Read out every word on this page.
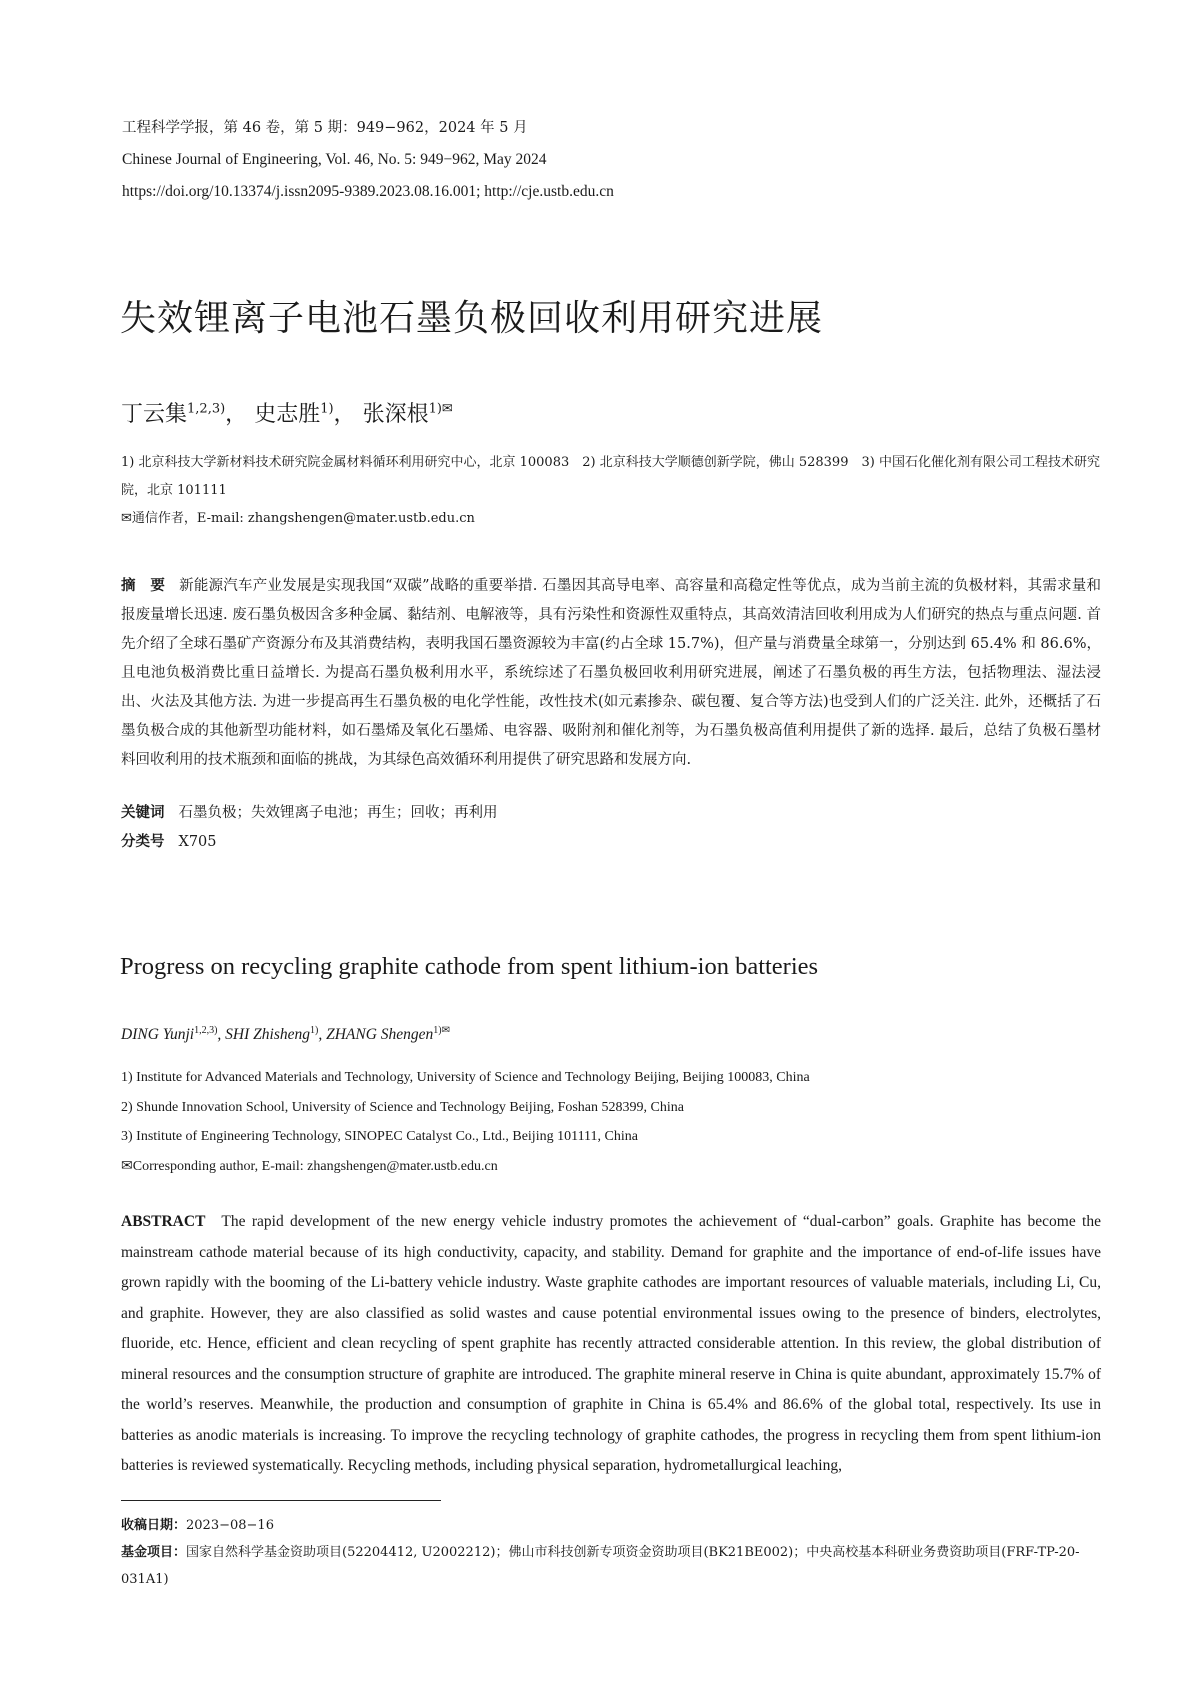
工程科学学报，第 46 卷，第 5 期：949−962，2024 年 5 月
Chinese Journal of Engineering, Vol. 46, No. 5: 949−962, May 2024
https://doi.org/10.13374/j.issn2095-9389.2023.08.16.001; http://cje.ustb.edu.cn
失效锂离子电池石墨负极回收利用研究进展
丁云集$^{1,2,3)}$， 史志胜$^{1)}$， 张深根$^{1)✉}$
1) 北京科技大学新材料技术研究院金属材料循环利用研究中心，北京 100083　2) 北京科技大学顺德创新学院，佛山 528399　3) 中国石化催化剂有限公司工程技术研究院，北京 101111
✉通信作者，E-mail: zhangshengen@mater.ustb.edu.cn
摘　要 新能源汽车产业发展是实现我国“双碳”战略的重要举措. 石墨因其高导电率、高容量和高稳定性等优点，成为当前主流的负极材料，其需求量和报废量增长迅速. 废石墨负极因含多种金属、黏结剂、电解液等，具有污染性和资源性双重特点，其高效清洁回收利用成为人们研究的热点与重点问题. 首先介绍了全球石墨矿产资源分布及其消费结构，表明我国石墨资源较为丰富(约占全球 15.7%)，但产量与消费量全球第一，分别达到 65.4% 和 86.6%，且电池负极消费比重日益增长. 为提高石墨负极利用水平，系统综述了石墨负极回收利用研究进展，阐述了石墨负极的再生方法，包括物理法、湿法浸出、火法及其他方法. 为进一步提高再生石墨负极的电化学性能，改性技术(如元素掺杂、碳包覆、复合等方法)也受到人们的广泛关注. 此外，还概括了石墨负极合成的其他新型功能材料，如石墨烯及氧化石墨烯、电容器、吸附剂和催化剂等，为石墨负极高值利用提供了新的选择. 最后，总结了负极石墨材料回收利用的技术瓶颈和面临的挑战，为其绿色高效循环利用提供了研究思路和发展方向.
关键词 石墨负极；失效锂离子电池；再生；回收；再利用
分类号 X705
Progress on recycling graphite cathode from spent lithium-ion batteries
DING Yunji$^{1,2,3)}$, SHI Zhisheng$^{1)}$, ZHANG Shengen$^{1)✉}$
1) Institute for Advanced Materials and Technology, University of Science and Technology Beijing, Beijing 100083, China
2) Shunde Innovation School, University of Science and Technology Beijing, Foshan 528399, China
3) Institute of Engineering Technology, SINOPEC Catalyst Co., Ltd., Beijing 101111, China
✉Corresponding author, E-mail: zhangshengen@mater.ustb.edu.cn
ABSTRACT The rapid development of the new energy vehicle industry promotes the achievement of “dual-carbon” goals. Graphite has become the mainstream cathode material because of its high conductivity, capacity, and stability. Demand for graphite and the importance of end-of-life issues have grown rapidly with the booming of the Li-battery vehicle industry. Waste graphite cathodes are important resources of valuable materials, including Li, Cu, and graphite. However, they are also classified as solid wastes and cause potential environmental issues owing to the presence of binders, electrolytes, fluoride, etc. Hence, efficient and clean recycling of spent graphite has recently attracted considerable attention. In this review, the global distribution of mineral resources and the consumption structure of graphite are introduced. The graphite mineral reserve in China is quite abundant, approximately 15.7% of the world’s reserves. Meanwhile, the production and consumption of graphite in China is 65.4% and 86.6% of the global total, respectively. Its use in batteries as anodic materials is increasing. To improve the recycling technology of graphite cathodes, the progress in recycling them from spent lithium-ion batteries is reviewed systematically. Recycling methods, including physical separation, hydrometallurgical leaching,
收稿日期：2023−08−16
基金项目：国家自然科学基金资助项目(52204412, U2002212)；佛山市科技创新专项资金资助项目(BK21BE002)；中央高校基本科研业务费资助项目(FRF-TP-20-031A1)
